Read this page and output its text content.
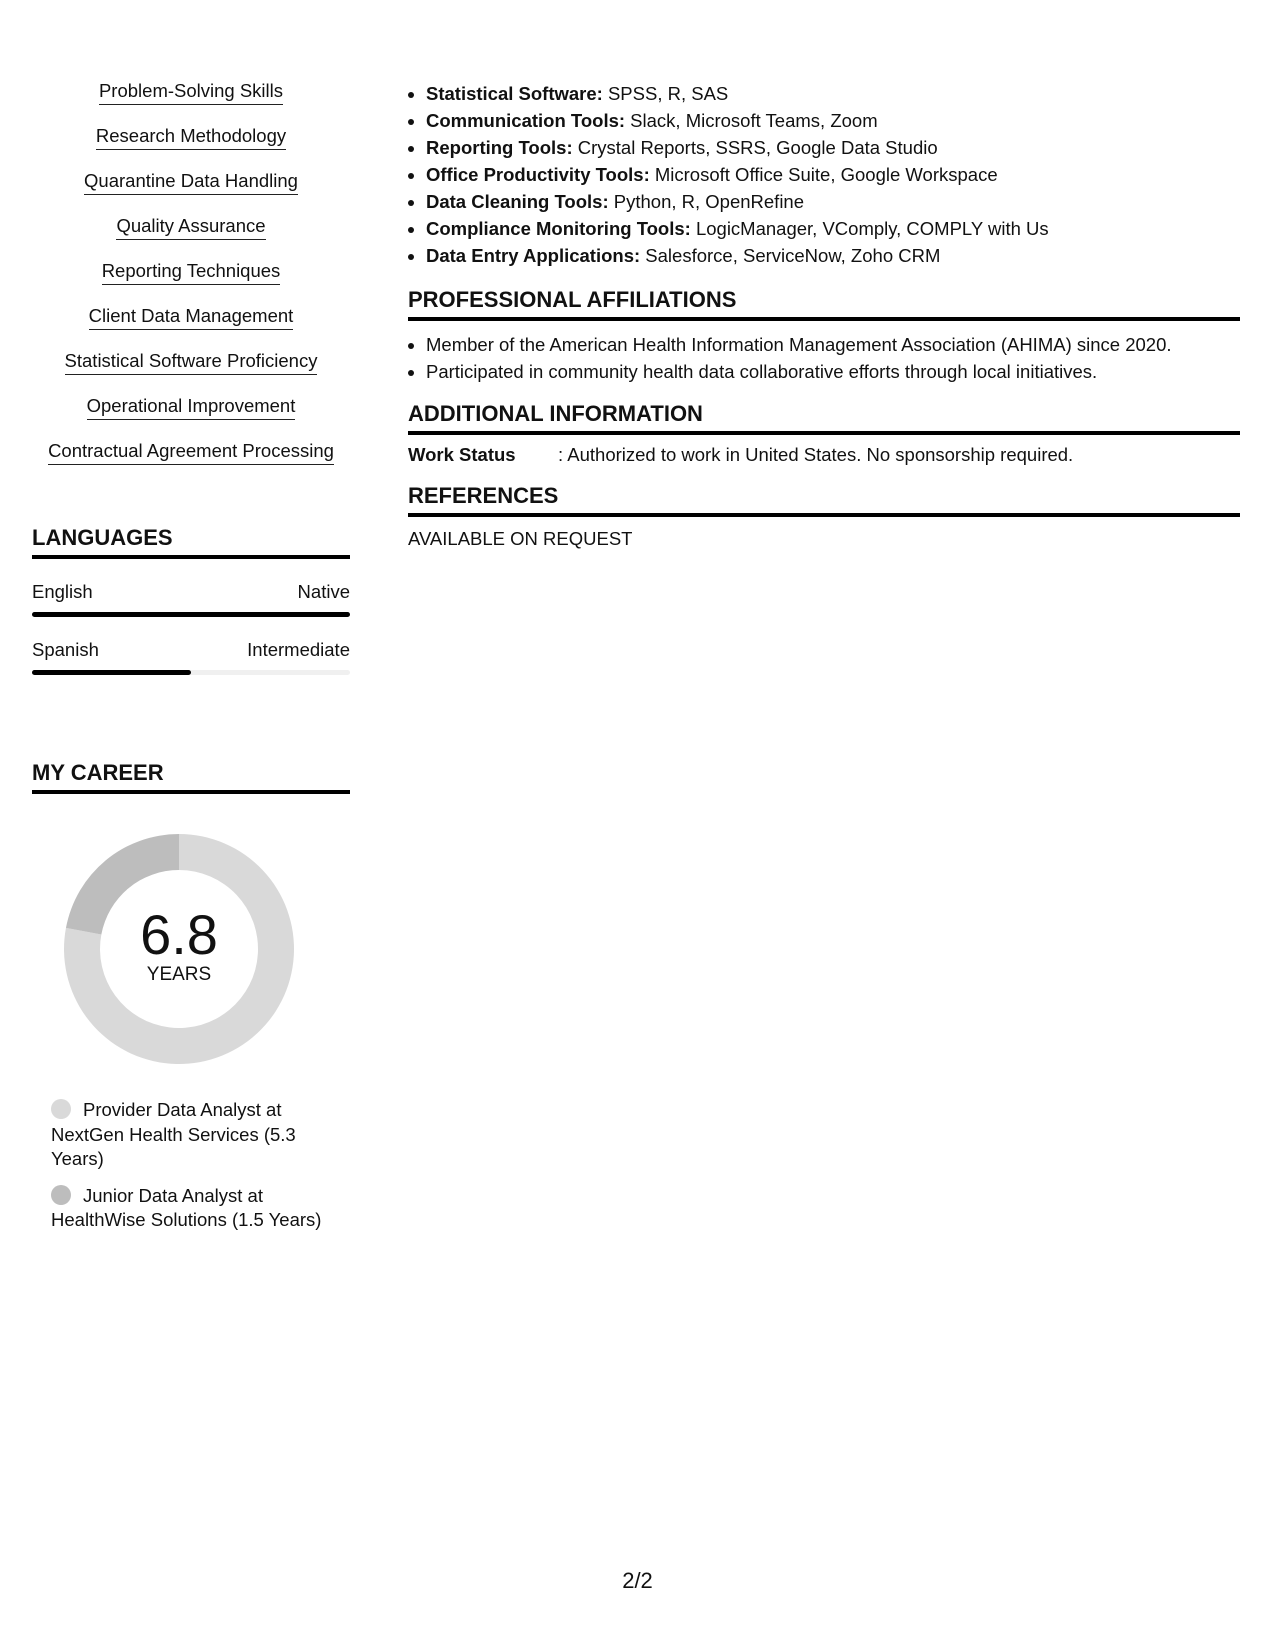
Problem-Solving Skills
Research Methodology
Quarantine Data Handling
Quality Assurance
Reporting Techniques
Client Data Management
Statistical Software Proficiency
Operational Improvement
Contractual Agreement Processing
LANGUAGES
English	Native
Spanish	Intermediate
MY CAREER
6.8
YEARS
Provider Data Analyst at NextGen Health Services (5.3 Years)
Junior Data Analyst at HealthWise Solutions (1.5 Years)
• Statistical Software: SPSS, R, SAS
• Communication Tools: Slack, Microsoft Teams, Zoom
• Reporting Tools: Crystal Reports, SSRS, Google Data Studio
• Office Productivity Tools: Microsoft Office Suite, Google Workspace
• Data Cleaning Tools: Python, R, OpenRefine
• Compliance Monitoring Tools: LogicManager, VComply, COMPLY with Us
• Data Entry Applications: Salesforce, ServiceNow, Zoho CRM
PROFESSIONAL AFFILIATIONS
• Member of the American Health Information Management Association (AHIMA) since 2020.
• Participated in community health data collaborative efforts through local initiatives.
ADDITIONAL INFORMATION
Work Status	: Authorized to work in United States. No sponsorship required.
REFERENCES
AVAILABLE ON REQUEST
2/2
